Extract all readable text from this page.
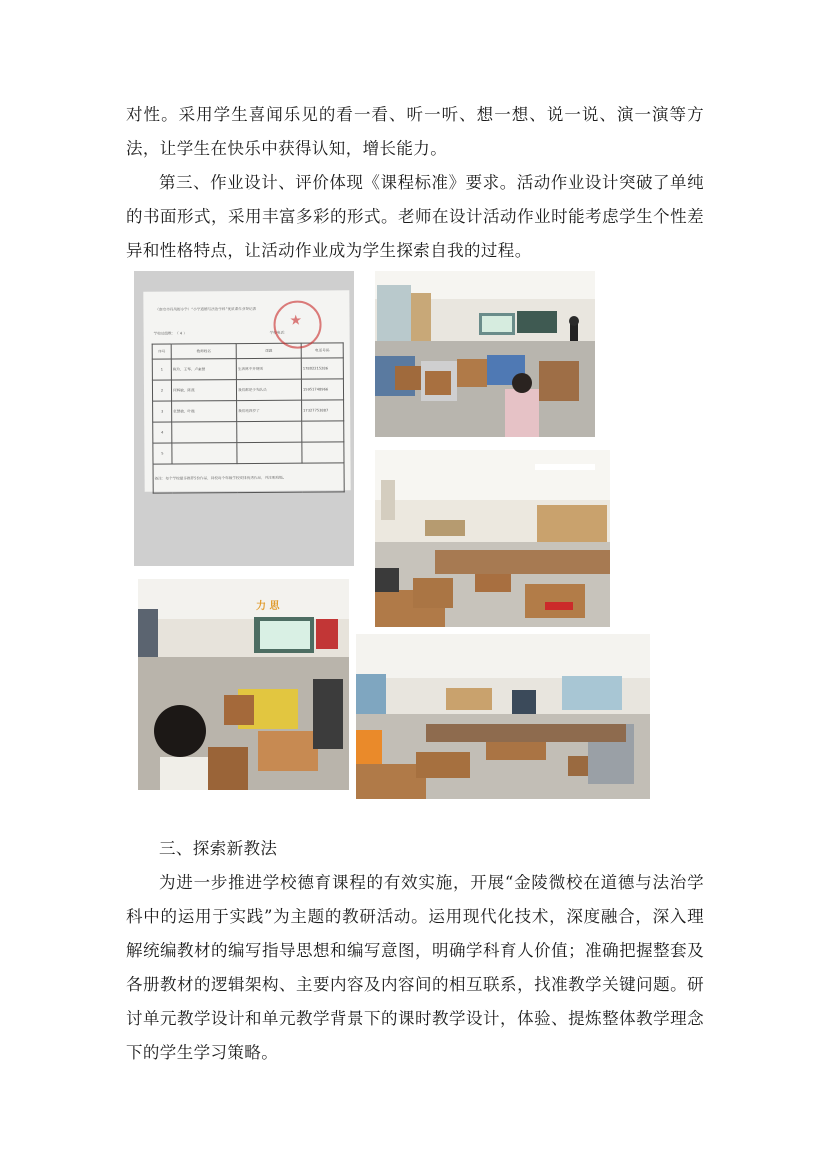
对性。采用学生喜闻乐见的看一看、听一听、想一想、说一说、演一演等方法，让学生在快乐中获得认知，增长能力。

第三、作业设计、评价体现《课程标准》要求。活动作业设计突破了单纯的书面形式，采用丰富多彩的形式。老师在设计活动作业时能考虑学生个性差异和性格特点，让活动作业成为学生探索自我的过程。

（南京市丹凤街小学）“小学道德与法治学科”优质课作业登记表
学校及组数：（ 4 ）	学校电话：
序号	教师姓名	课题	电话号码
1	陈玲、王琴、卢素慧	生活离不开规则	17802215286
2	何辉敏、陈燕	我们都是少先队员	15951748966
3	张慧敏、叶薇	我们班四岁了	17327753887
4			
5			
备注：每个学校最多推荐5份作品，同校每个年级学校安排优秀作品，并注明班级。			
★
力 思

三、探索新教法

为进一步推进学校德育课程的有效实施，开展“金陵微校在道德与法治学科中的运用于实践”为主题的教研活动。运用现代化技术，深度融合，深入理解统编教材的编写指导思想和编写意图，明确学科育人价值；准确把握整套及各册教材的逻辑架构、主要内容及内容间的相互联系，找准教学关键问题。研讨单元教学设计和单元教学背景下的课时教学设计，体验、提炼整体教学理念下的学生学习策略。
